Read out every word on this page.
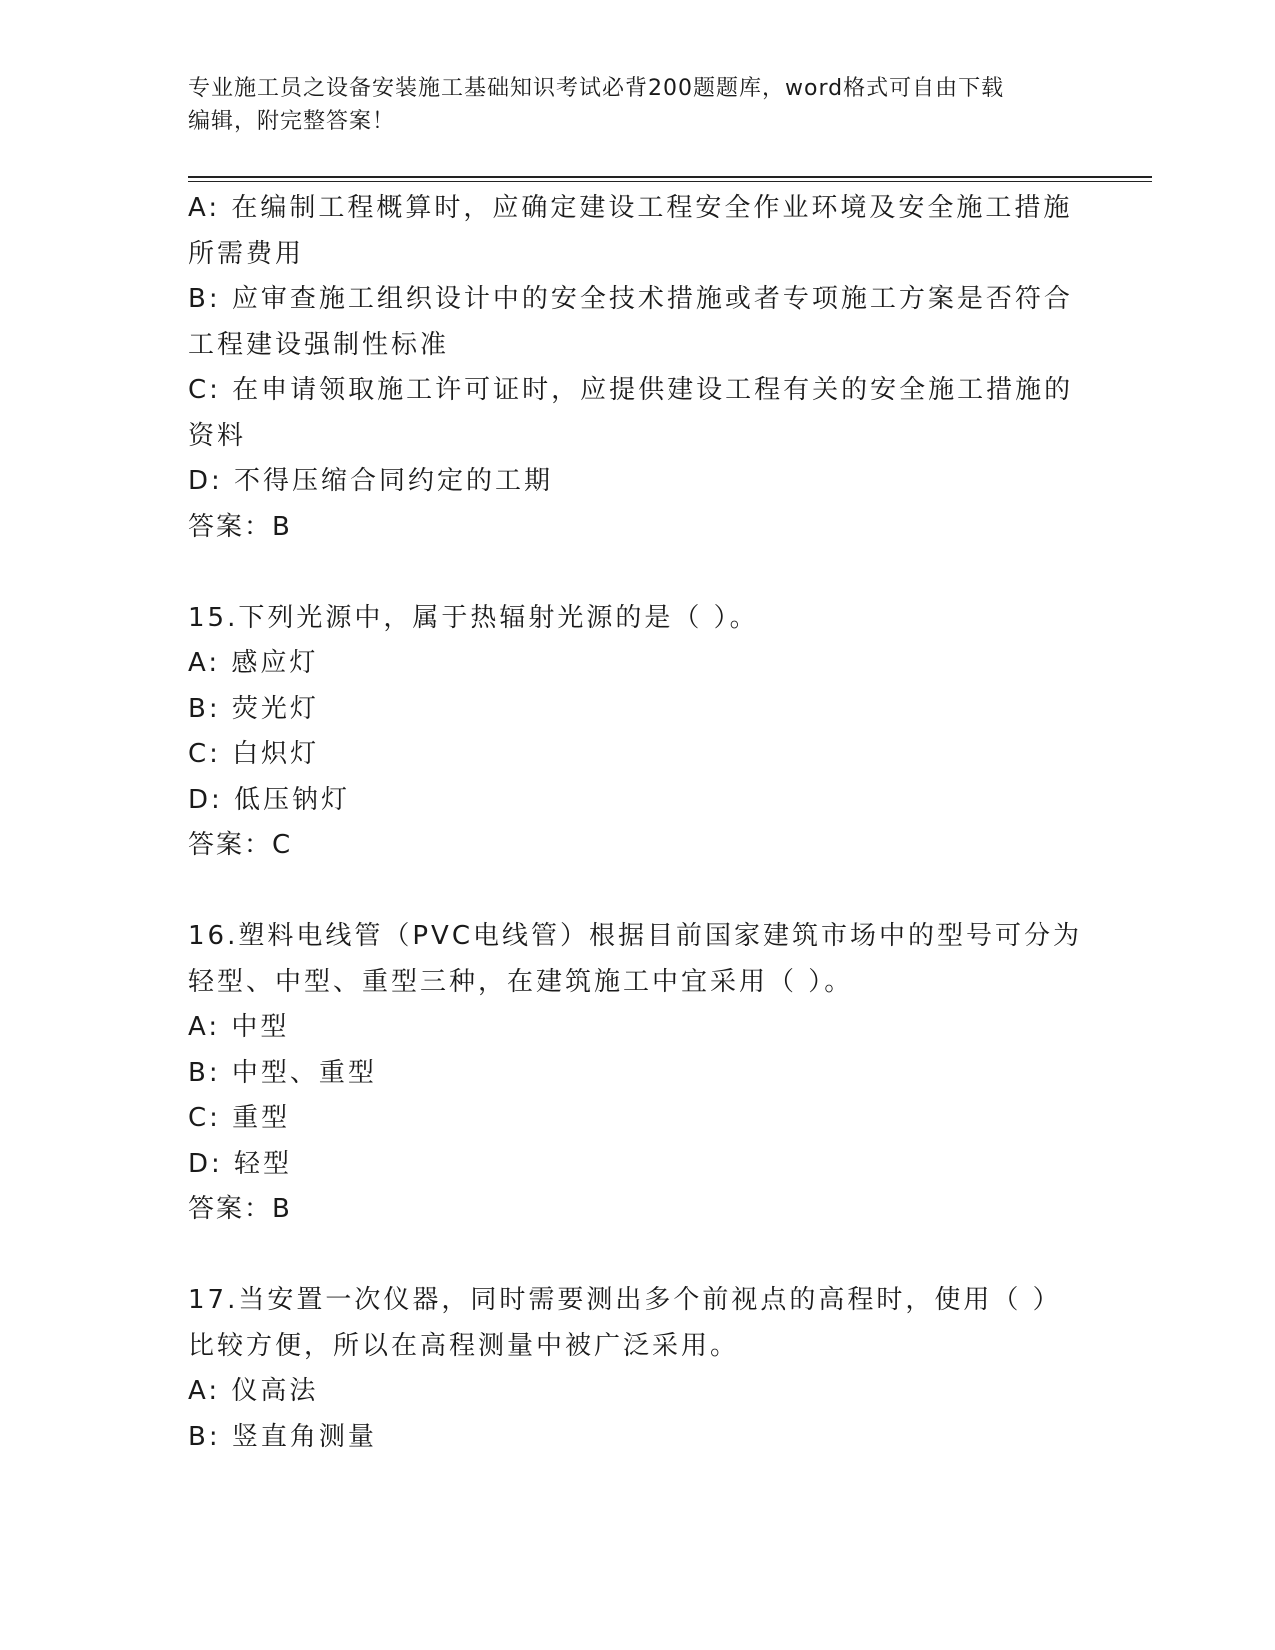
专业施工员之设备安装施工基础知识考试必背200题题库，word格式可自由下载
编辑，附完整答案！
A: 在编制工程概算时，应确定建设工程安全作业环境及安全施工措施
所需费用
B: 应审查施工组织设计中的安全技术措施或者专项施工方案是否符合
工程建设强制性标准
C: 在申请领取施工许可证时，应提供建设工程有关的安全施工措施的
资料
D: 不得压缩合同约定的工期
答案：B
15.下列光源中，属于热辐射光源的是（ ）。
A: 感应灯
B: 荧光灯
C: 白炽灯
D: 低压钠灯
答案：C
16.塑料电线管（PVC电线管）根据目前国家建筑市场中的型号可分为
轻型、中型、重型三种，在建筑施工中宜采用（ ）。
A: 中型
B: 中型、重型
C: 重型
D: 轻型
答案：B
17.当安置一次仪器，同时需要测出多个前视点的高程时，使用（ ）
比较方便，所以在高程测量中被广泛采用。
A: 仪高法
B: 竖直角测量
